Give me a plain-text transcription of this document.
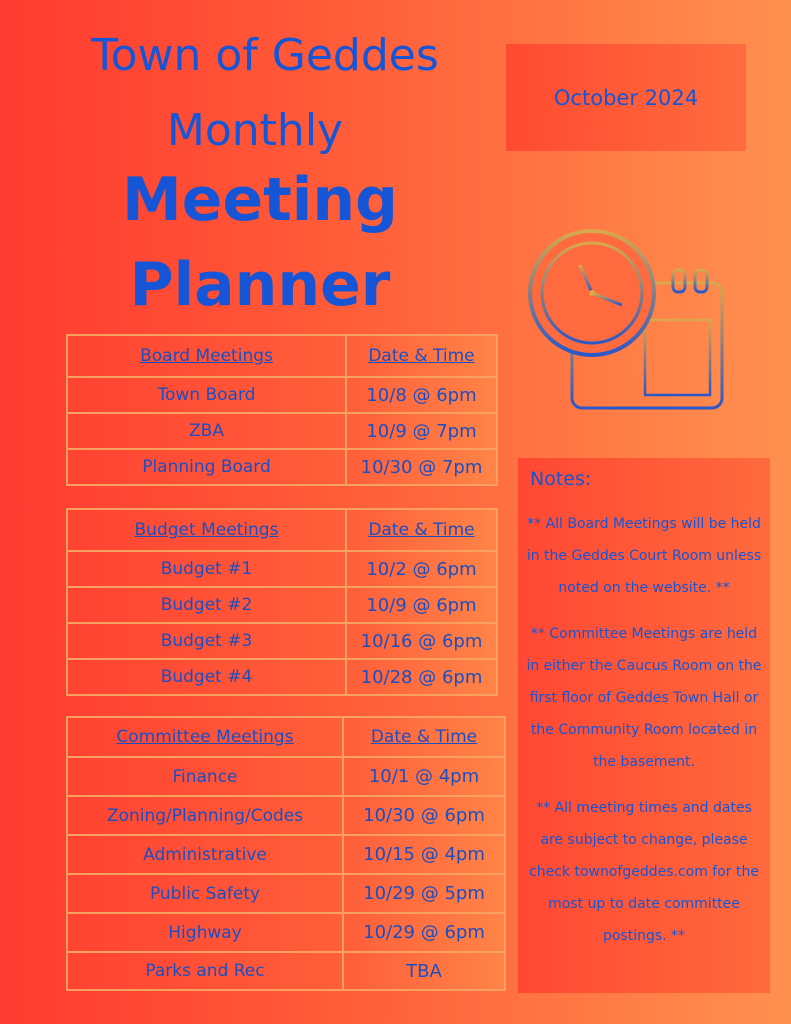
Town of Geddes
Monthly
Meeting
Planner
October 2024
Board Meetings	Date & Time
Town Board	10/8 @ 6pm
ZBA	10/9 @ 7pm
Planning Board	10/30 @ 7pm
Budget Meetings	Date & Time
Budget #1	10/2 @ 6pm
Budget #2	10/9 @ 6pm
Budget #3	10/16 @ 6pm
Budget #4	10/28 @ 6pm
Committee Meetings	Date & Time
Finance	10/1 @ 4pm
Zoning/Planning/Codes	10/30 @ 6pm
Administrative	10/15 @ 4pm
Public Safety	10/29 @ 5pm
Highway	10/29 @ 6pm
Parks and Rec	TBA
Notes:
** All Board Meetings will be held in the Geddes Court Room unless noted on the website. **
** Committee Meetings are held in either the Caucus Room on the first floor of Geddes Town Hall or the Community Room located in the basement.
** All meeting times and dates are subject to change, please check townofgeddes.com for the most up to date committee postings. **
